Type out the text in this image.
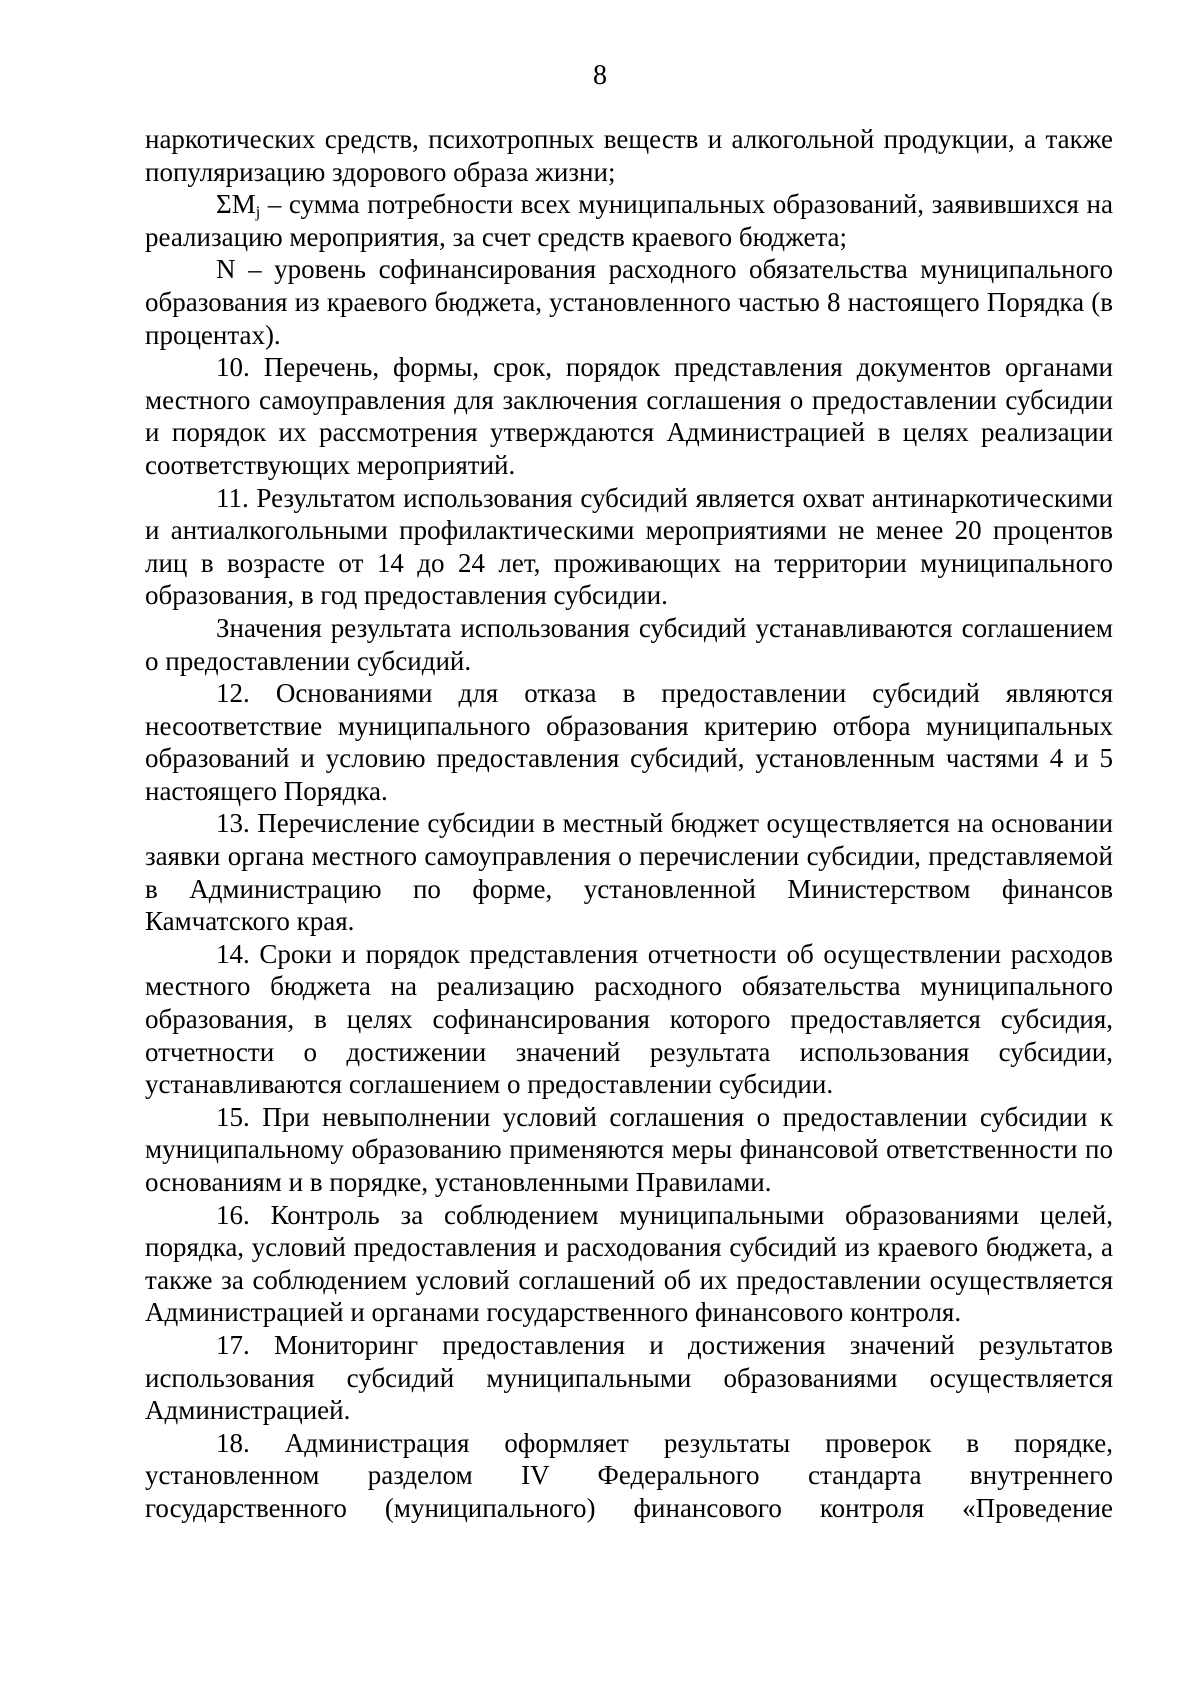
8

наркотических средств, психотропных веществ и алкогольной продукции, а также популяризацию здорового образа жизни;

$\Sigma M_j$ – сумма потребности всех муниципальных образований, заявившихся на реализацию мероприятия, за счет средств краевого бюджета;

N – уровень софинансирования расходного обязательства муниципального образования из краевого бюджета, установленного частью 8 настоящего Порядка (в процентах).

10. Перечень, формы, срок, порядок представления документов органами местного самоуправления для заключения соглашения о предоставлении субсидии и порядок их рассмотрения утверждаются Администрацией в целях реализации соответствующих мероприятий.

11. Результатом использования субсидий является охват антинаркотическими и антиалкогольными профилактическими мероприятиями не менее 20 процентов лиц в возрасте от 14 до 24 лет, проживающих на территории муниципального образования, в год предоставления субсидии.

Значения результата использования субсидий устанавливаются соглашением о предоставлении субсидий.

12. Основаниями для отказа в предоставлении субсидий являются несоответствие муниципального образования критерию отбора муниципальных образований и условию предоставления субсидий, установленным частями 4 и 5 настоящего Порядка.

13. Перечисление субсидии в местный бюджет осуществляется на основании заявки органа местного самоуправления о перечислении субсидии, представляемой в Администрацию по форме, установленной Министерством финансов Камчатского края.

14. Сроки и порядок представления отчетности об осуществлении расходов местного бюджета на реализацию расходного обязательства муниципального образования, в целях софинансирования которого предоставляется субсидия, отчетности о достижении значений результата использования субсидии, устанавливаются соглашением о предоставлении субсидии.

15. При невыполнении условий соглашения о предоставлении субсидии к муниципальному образованию применяются меры финансовой ответственности по основаниям и в порядке, установленными Правилами.

16. Контроль за соблюдением муниципальными образованиями целей, порядка, условий предоставления и расходования субсидий из краевого бюджета, а также за соблюдением условий соглашений об их предоставлении осуществляется Администрацией и органами государственного финансового контроля.

17. Мониторинг предоставления и достижения значений результатов использования субсидий муниципальными образованиями осуществляется Администрацией.

18. Администрация оформляет результаты проверок в порядке, установленном разделом IV Федерального стандарта внутреннего государственного (муниципального) финансового контроля «Проведение
